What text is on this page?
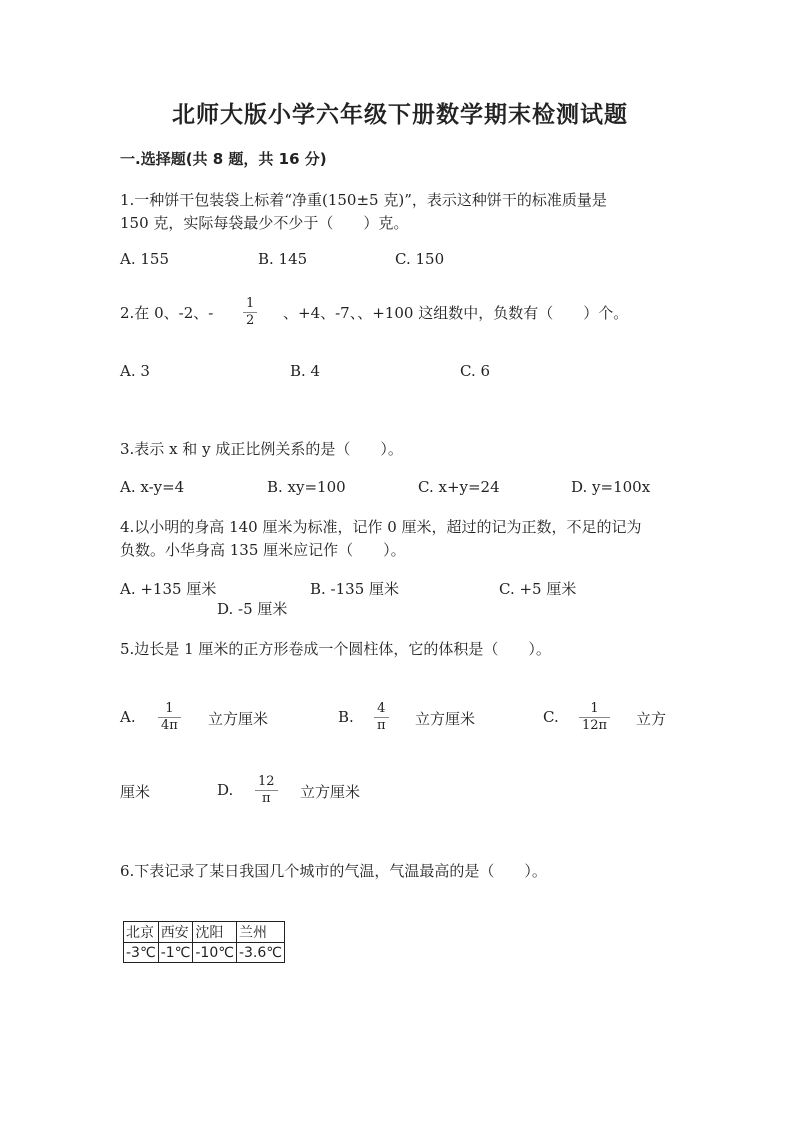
北师大版小学六年级下册数学期末检测试题
一.选择题(共 8 题，共 16 分)
1.一种饼干包装袋上标着“净重(150±5 克)”，表示这种饼干的标准质量是
150 克，实际每袋最少不少于（　　）克。
A. 155	B. 145	C. 150
2.在 0、-2、-
1
2 、+4、-7、、+100 这组数中，负数有（　　）个。
A. 3	B. 4	C. 6
3.表示 x 和 y 成正比例关系的是（　　）。
A. x-y=4	B. xy=100	C. x+y=24	D. y=100x
4.以小明的身高 140 厘米为标准，记作 0 厘米，超过的记为正数，不足的记为
负数。小华身高 135 厘米应记作（　　）。
A. +135 厘米	B. -135 厘米	C. +5 厘米
D. -5 厘米
5.边长是 1 厘米的正方形卷成一个圆柱体，它的体积是（　　）。
A. 1
4π 立方厘米	B. 4
π 立方厘米	C. 1
12π 立方
厘米	D. 12
π 立方厘米
6.下表记录了某日我国几个城市的气温，气温最高的是（　　）。
北京	西安	沈阳	兰州
-3℃	-1℃	-10℃	-3.6℃
